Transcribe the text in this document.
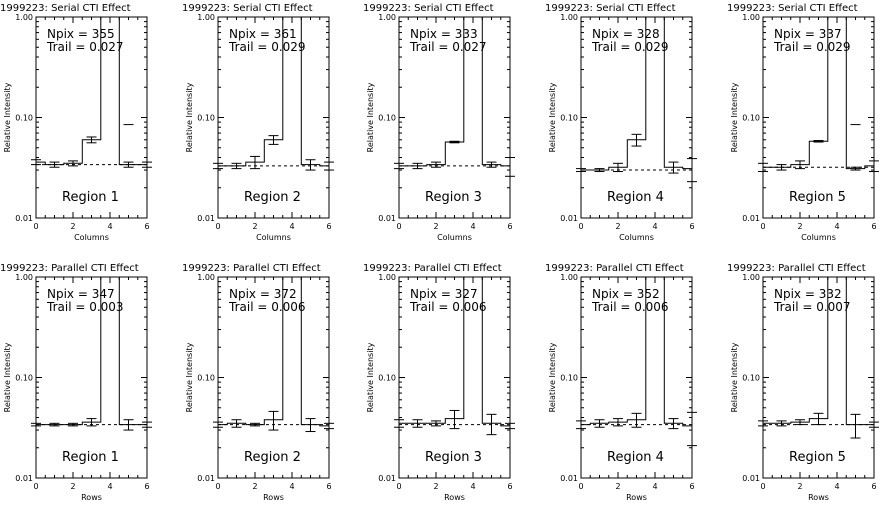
1999223: Serial CTI Effect
0.01
0.10
1.00
0	2	4	6
Columns
Relative Intensity
Npix = 355
Trail = 0.027
Region 1
1999223: Serial CTI Effect
0.01
0.10
1.00
0	2	4	6
Columns
Relative Intensity
Npix = 361
Trail = 0.029
Region 2
1999223: Serial CTI Effect
0.01
0.10
1.00
0	2	4	6
Columns
Relative Intensity
Npix = 333
Trail = 0.027
Region 3
1999223: Serial CTI Effect
0.01
0.10
1.00
0	2	4	6
Columns
Relative Intensity
Npix = 328
Trail = 0.029
Region 4
1999223: Serial CTI Effect
0.01
0.10
1.00
0	2	4	6
Columns
Relative Intensity
Npix = 337
Trail = 0.029
Region 5
1999223: Parallel CTI Effect
0.01
0.10
1.00
0	2	4	6
Rows
Relative Intensity
Npix = 347
Trail = 0.003
Region 1
1999223: Parallel CTI Effect
0.01
0.10
1.00
0	2	4	6
Rows
Relative Intensity
Npix = 372
Trail = 0.006
Region 2
1999223: Parallel CTI Effect
0.01
0.10
1.00
0	2	4	6
Rows
Relative Intensity
Npix = 327
Trail = 0.006
Region 3
1999223: Parallel CTI Effect
0.01
0.10
1.00
0	2	4	6
Rows
Relative Intensity
Npix = 352
Trail = 0.006
Region 4
1999223: Parallel CTI Effect
0.01
0.10
1.00
0	2	4	6
Rows
Relative Intensity
Npix = 332
Trail = 0.007
Region 5
